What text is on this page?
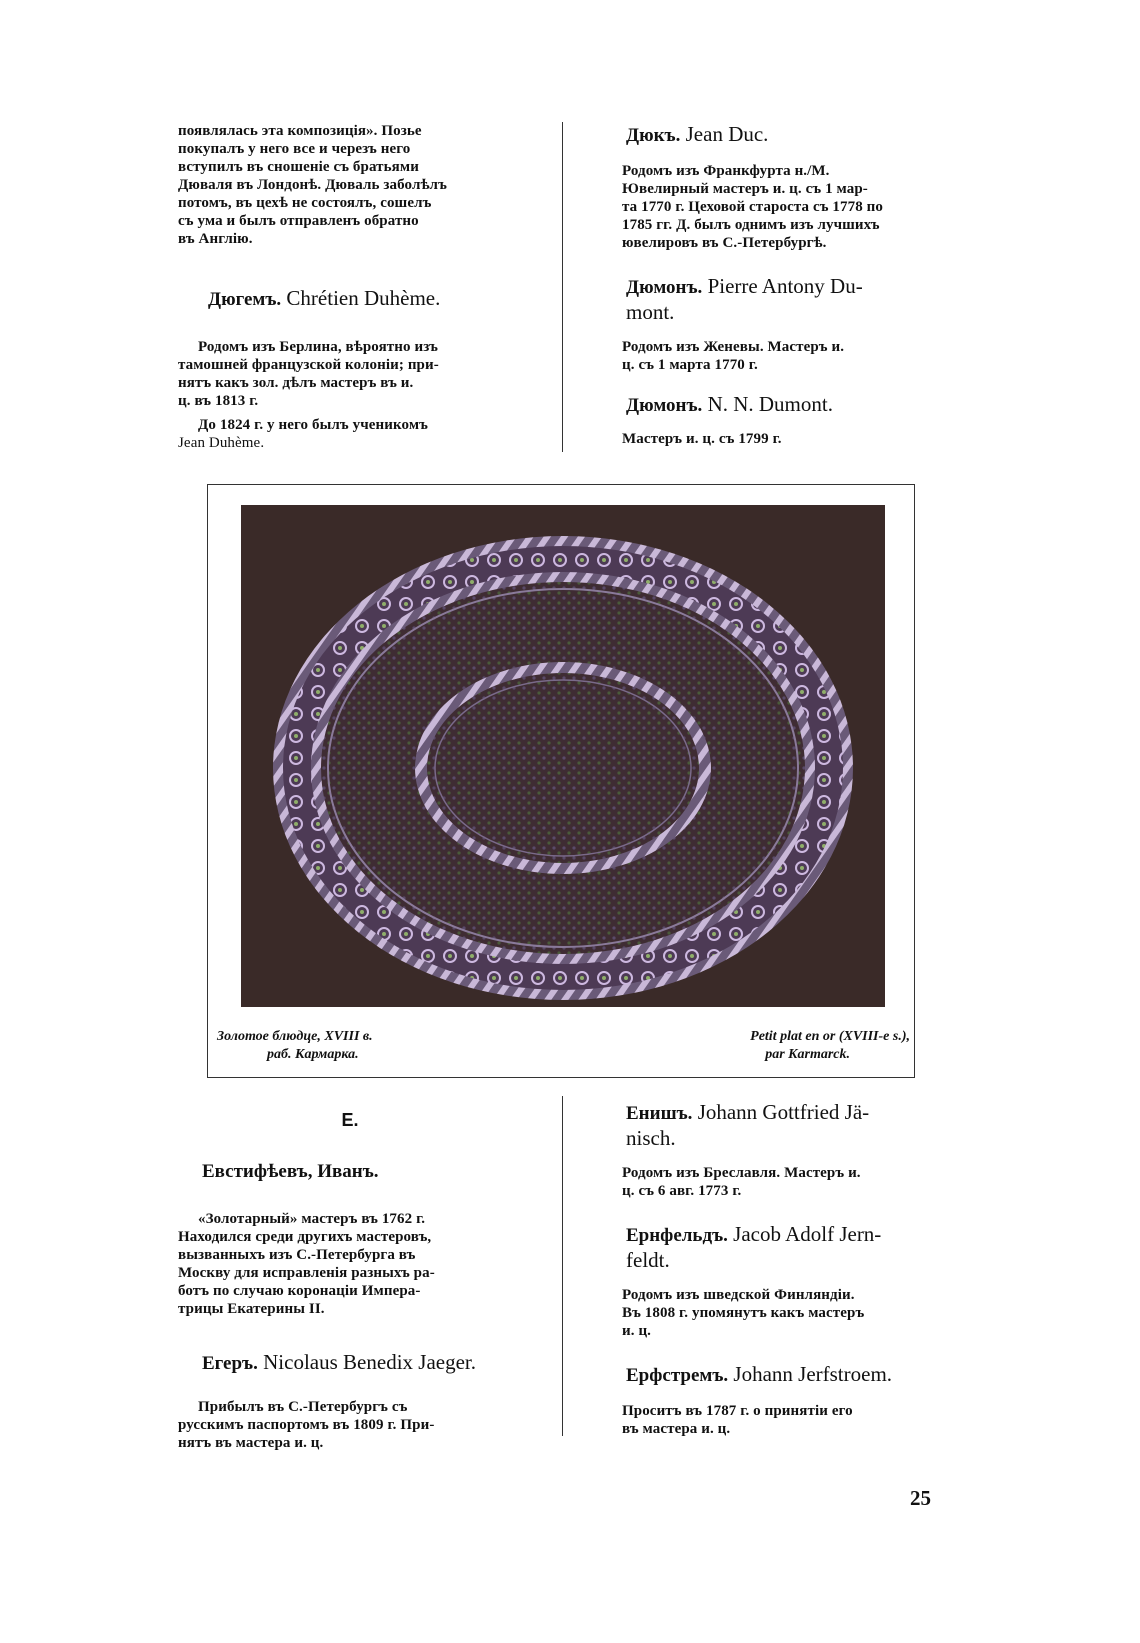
появлялась эта композиція». Позье
покупалъ у него все и черезъ него
вступилъ въ сношеніе съ братьями
Дюваля въ Лондонѣ. Дюваль заболѣлъ
потомъ, въ цехѣ не состоялъ, сошелъ
съ ума и былъ отправленъ обратно
въ Англію.

Дюгемъ. Chrétien Duhème.

Родомъ изъ Берлина, вѣроятно изъ
тамошней французской колоніи; при-
нятъ какъ зол. дѣлъ мастеръ въ и.
ц. въ 1813 г.

До 1824 г. у него былъ ученикомъ
Jean Duhème.

Дюкъ. Jean Duc.

Родомъ изъ Франкфурта н./М.
Ювелирный мастеръ и. ц. съ 1 мар-
та 1770 г. Цеховой староста съ 1778 по
1785 гг. Д. былъ однимъ изъ лучшихъ
ювелировъ въ С.-Петербургѣ.

Дюмонъ. Pierre Antony Du-
mont.

Родомъ изъ Женевы. Мастеръ и.
ц. съ 1 марта 1770 г.

Дюмонъ. N. N. Dumont.

Мастеръ и. ц. съ 1799 г.

Золотое блюдце, XVIII в.
раб. Кармарка.
Petit plat en or (XVIII-e s.),
par Karmarck.
Е.
Евстифѣевъ, Иванъ.

«Золотарный» мастеръ въ 1762 г.
Находился среди другихъ мастеровъ,
вызванныхъ изъ С.-Петербурга въ
Москву для исправленія разныхъ ра-
ботъ по случаю коронаціи Импера-
трицы Екатерины II.

Егеръ. Nicolaus Benedix Jaeger.

Прибылъ въ С.-Петербургъ съ
русскимъ паспортомъ въ 1809 г. При-
нятъ въ мастера и. ц.

Енишъ. Johann Gottfried Jä-
nisch.

Родомъ изъ Бреславля. Мастеръ и.
ц. съ 6 авг. 1773 г.

Ернфельдъ. Jacob Adolf Jern-
feldt.

Родомъ изъ шведской Финляндіи.
Въ 1808 г. упомянутъ какъ мастеръ
и. ц.

Ерфстремъ. Johann Jerfstroem.

Проситъ въ 1787 г. о принятіи его
въ мастера и. ц.

25
